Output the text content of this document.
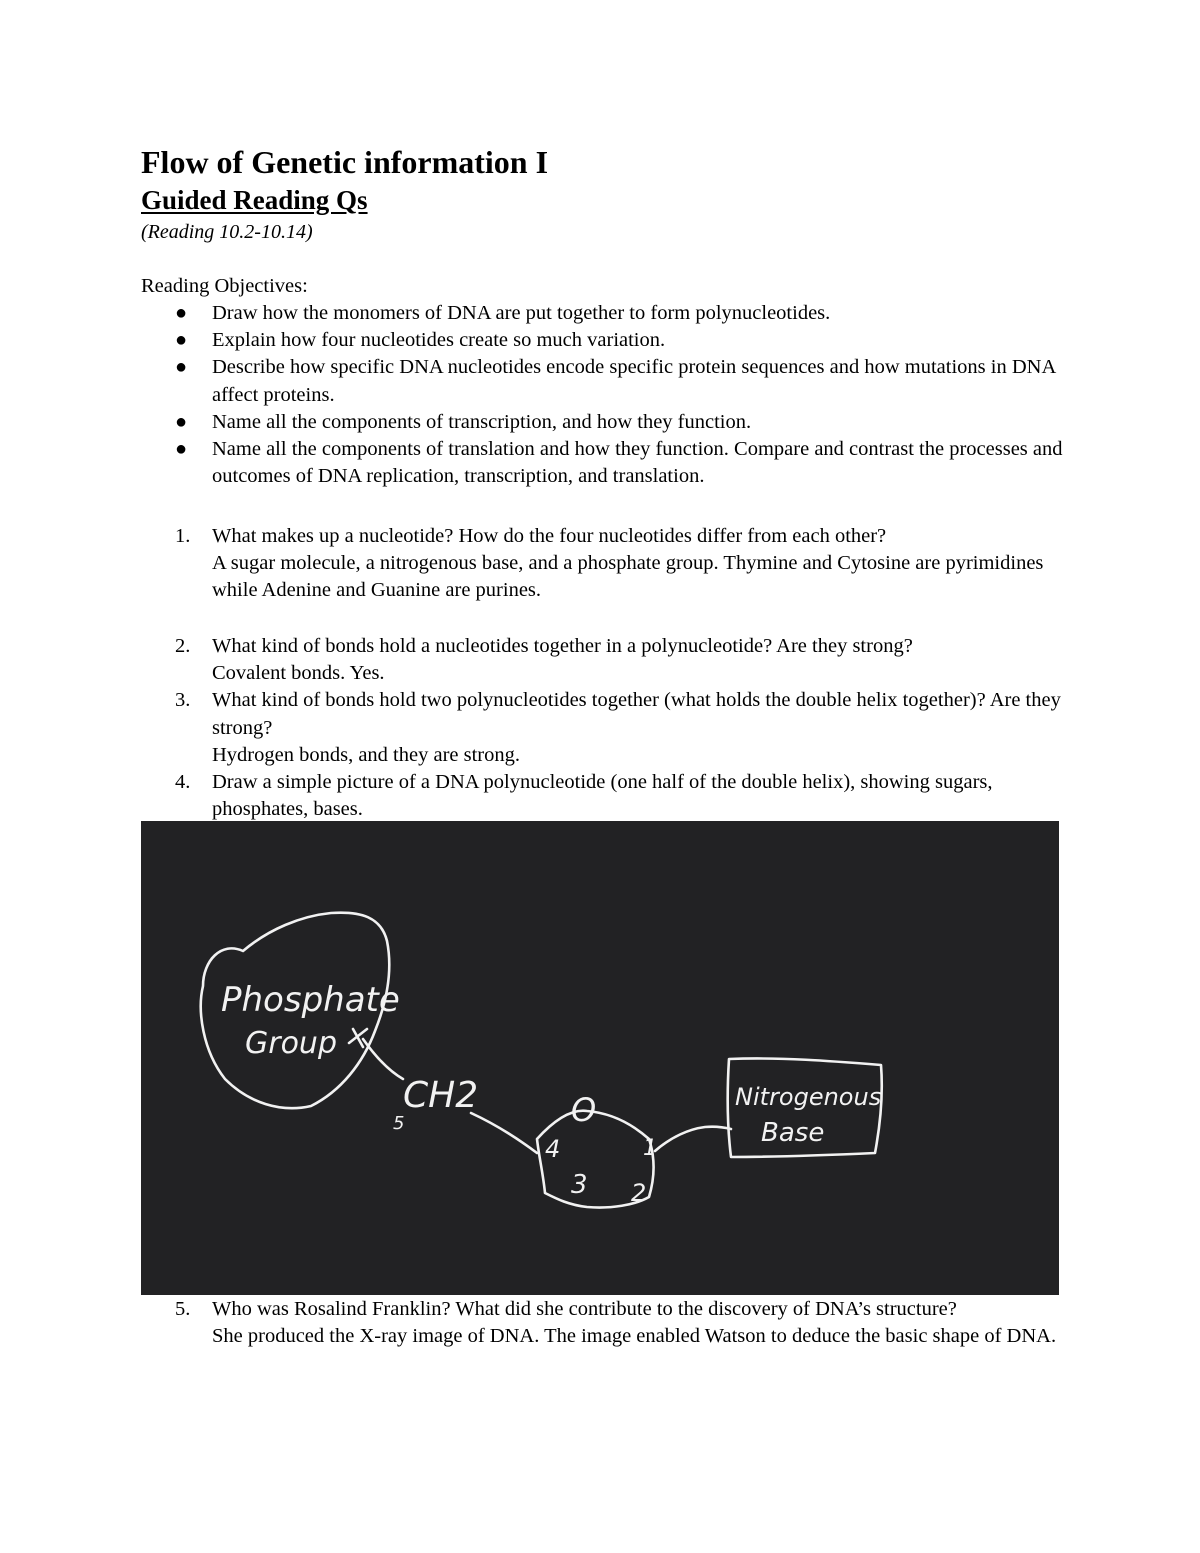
Flow of Genetic information I
Guided Reading Qs
(Reading 10.2-10.14)
Reading Objectives:
● Draw how the monomers of DNA are put together to form polynucleotides.
● Explain how four nucleotides create so much variation.
● Describe how specific DNA nucleotides encode specific protein sequences and how mutations in DNA affect proteins.
● Name all the components of transcription, and how they function.
● Name all the components of translation and how they function. Compare and contrast the processes and outcomes of DNA replication, transcription, and translation.
1. What makes up a nucleotide? How do the four nucleotides differ from each other?
A sugar molecule, a nitrogenous base, and a phosphate group. Thymine and Cytosine are pyrimidines while Adenine and Guanine are purines.
2. What kind of bonds hold a nucleotides together in a polynucleotide? Are they strong?
Covalent bonds. Yes.
3. What kind of bonds hold two polynucleotides together (what holds the double helix together)? Are they strong?
Hydrogen bonds, and they are strong.
4. Draw a simple picture of a DNA polynucleotide (one half of the double helix), showing sugars, phosphates, bases.
Phosphate
Group
CH2
5	O
4
3 2
1
Nitrogenous
Base
5. Who was Rosalind Franklin? What did she contribute to the discovery of DNA’s structure?
She produced the X-ray image of DNA. The image enabled Watson to deduce the basic shape of DNA.
